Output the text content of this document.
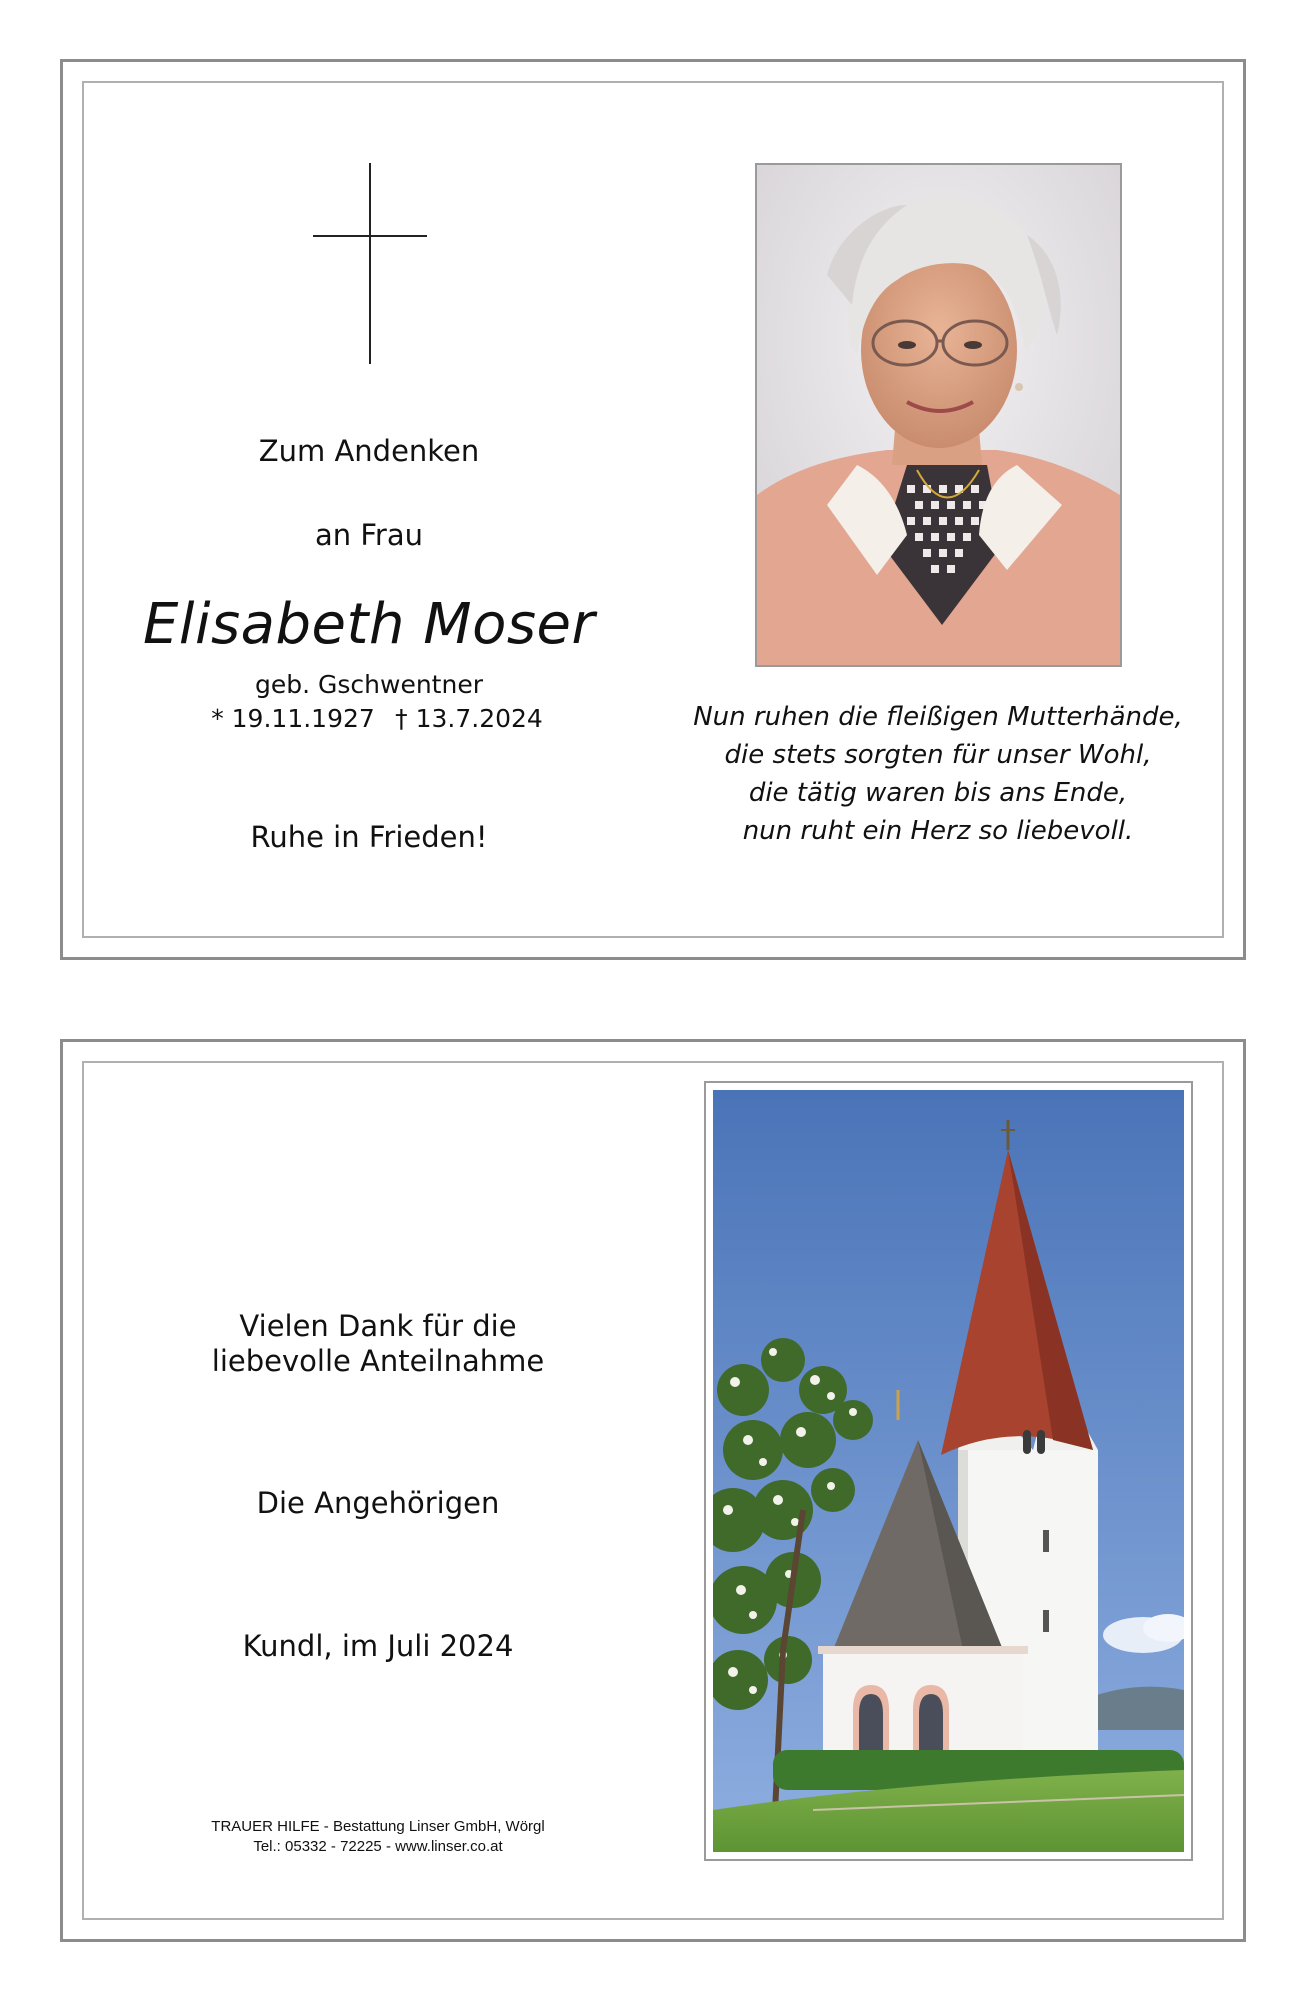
Zum Andenken
an Frau
Elisabeth Moser
geb. Gschwentner
* 19.11.1927 † 13.7.2024
Ruhe in Frieden!
Nun ruhen die fleißigen Mutterhände,
die stets sorgten für unser Wohl,
die tätig waren bis ans Ende,
nun ruht ein Herz so liebevoll.
Vielen Dank für die
liebevolle Anteilnahme
Die Angehörigen
Kundl, im Juli 2024
TRAUER HILFE - Bestattung Linser GmbH, Wörgl
Tel.: 05332 - 72225 - www.linser.co.at
